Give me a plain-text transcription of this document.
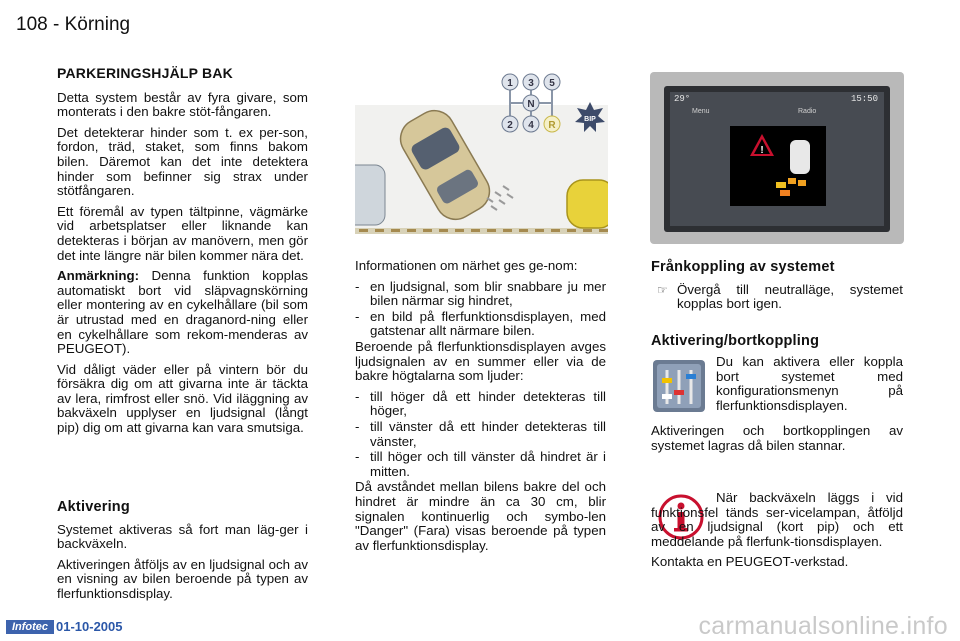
108 - Körning
PARKERINGSHJÄLP BAK

Detta system består av fyra givare, som monterats i den bakre stöt-fångaren.

Det detekterar hinder som t. ex per-son, fordon, träd, staket, som finns bakom bilen. Däremot kan det inte detektera hinder som befinner sig strax under stötfångaren.

Ett föremål av typen tältpinne, vägmärke vid arbetsplatser eller liknande kan detekteras i början av manövern, men gör det inte längre när bilen kommer nära det.

Anmärkning: Denna funktion kopplas automatiskt bort vid släpvagnskörning eller montering av en cykelhållare (bil som är utrustad med en draganord-ning eller en cykelhållare som rekom-menderas av PEUGEOT).

Vid dåligt väder eller på vintern bör du försäkra dig om att givarna inte är täckta av lera, rimfrost eller snö. Vid iläggning av bakväxeln upplyser en ljudsignal (långt pip) dig om att givarna kan vara smutsiga.

Aktivering

Systemet aktiveras så fort man läg-ger i backväxeln.

Aktiveringen åtföljs av en ljudsignal och av en visning av bilen beroende på typen av flerfunktionsdisplay.

1 3 5
N
2 4 R
BIP

Informationen om närhet ges ge-nom:

- en ljudsignal, som blir snabbare ju mer bilen närmar sig hindret,
- en bild på flerfunktionsdisplayen, med gatstenar allt närmare bilen.

Beroende på flerfunktionsdisplayen avges ljudsignalen av en summer eller via de bakre högtalarna som ljuder:

- till höger då ett hinder detekteras till höger,
- till vänster då ett hinder detekteras till vänster,
- till höger och till vänster då hindret är i mitten.

Då avståndet mellan bilens bakre del och hindret är mindre än ca 30 cm, blir signalen kontinuerlig och symbo-len "Danger" (Fara) visas beroende på typen av flerfunktionsdisplay.

29°	15:50
Menu	Radio
!
Frånkoppling av systemet
☞ Övergå till neutralläge, systemet kopplas bort igen.
Aktivering/bortkoppling

Du kan aktivera eller koppla bort systemet med konfigurationsmenyn på flerfunktionsdisplayen.

Aktiveringen och bortkopplingen av systemet lagras då bilen stannar.

När backväxeln läggs i vid funktionsfel tänds ser-vicelampan, åtföljd av en ljudsignal (kort pip) och ett meddelande på flerfunk-tionsdisplayen.

Kontakta en PEUGEOT-verkstad.

Infotec 01-10-2005	carmanualsonline.info
